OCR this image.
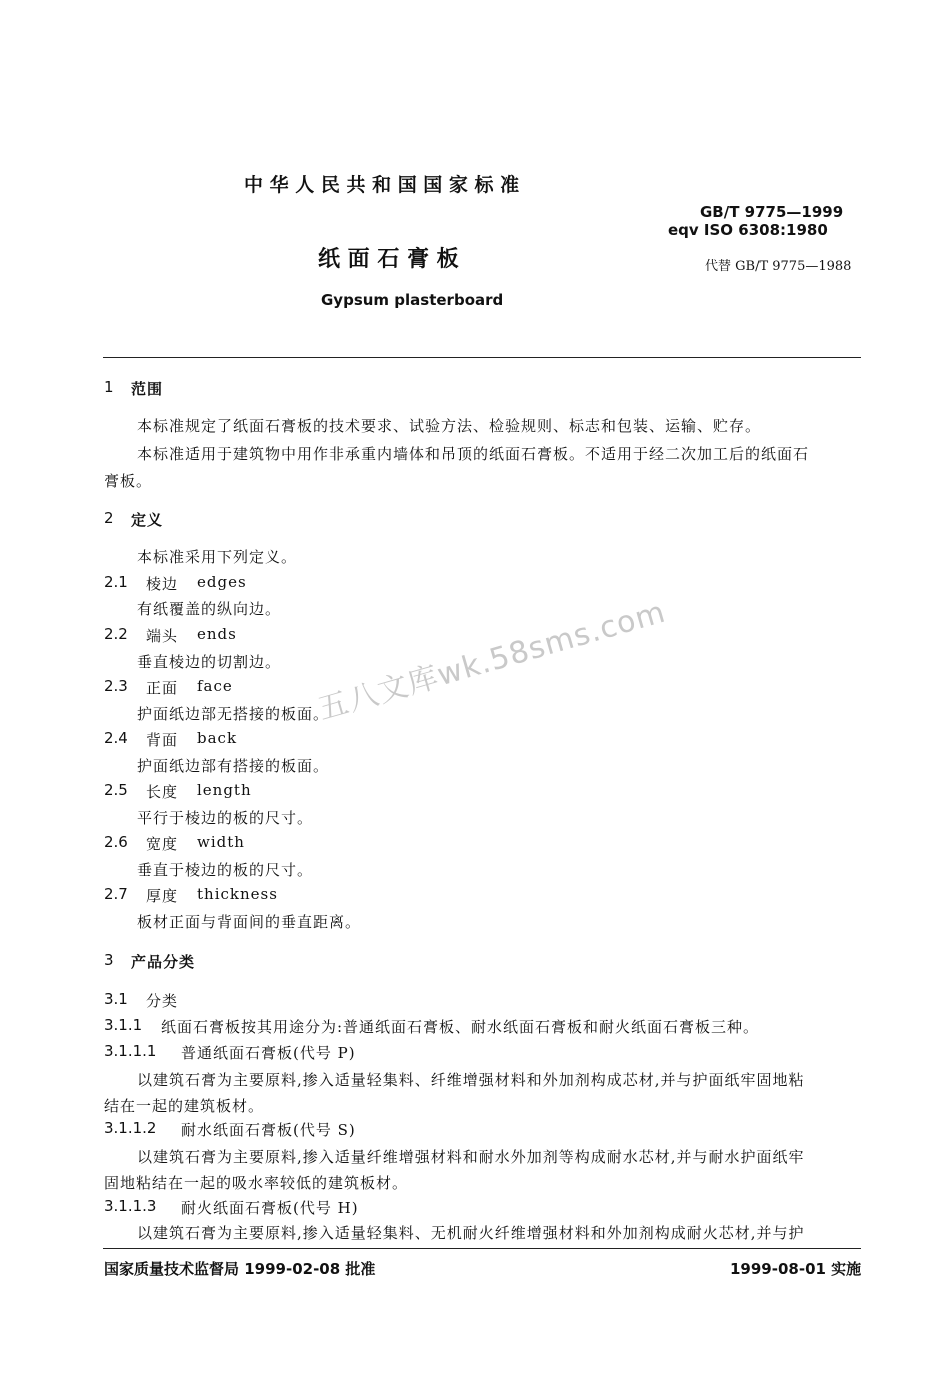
五八文库wk.58sms.com
中 华 人 民 共 和 国 国 家 标 准
GB/T 9775—1999
eqv ISO 6308:1980
纸 面 石 膏 板	代替 GB/T 9775—1988
Gypsum plasterboard
1 范围
本标准规定了纸面石膏板的技术要求、试验方法、检验规则、标志和包装、运输、贮存。
本标准适用于建筑物中用作非承重内墙体和吊顶的纸面石膏板。不适用于经二次加工后的纸面石
膏板。
2 定义
本标准采用下列定义。
2.1 棱边 edges
有纸覆盖的纵向边。
2.2 端头 ends
垂直棱边的切割边。
2.3 正面 face
护面纸边部无搭接的板面。
2.4 背面 back
护面纸边部有搭接的板面。
2.5 长度 length
平行于棱边的板的尺寸。
2.6 宽度 width
垂直于棱边的板的尺寸。
2.7 厚度 thickness
板材正面与背面间的垂直距离。
3 产品分类
3.1 分类
3.1.1 纸面石膏板按其用途分为:普通纸面石膏板、耐水纸面石膏板和耐火纸面石膏板三种。
3.1.1.1 普通纸面石膏板(代号 P)
以建筑石膏为主要原料,掺入适量轻集料、纤维增强材料和外加剂构成芯材,并与护面纸牢固地粘
结在一起的建筑板材。
3.1.1.2 耐水纸面石膏板(代号 S)
以建筑石膏为主要原料,掺入适量纤维增强材料和耐水外加剂等构成耐水芯材,并与耐水护面纸牢
固地粘结在一起的吸水率较低的建筑板材。
3.1.1.3 耐火纸面石膏板(代号 H)
以建筑石膏为主要原料,掺入适量轻集料、无机耐火纤维增强材料和外加剂构成耐火芯材,并与护
国家质量技术监督局 1999-02-08 批准	1999-08-01 实施
